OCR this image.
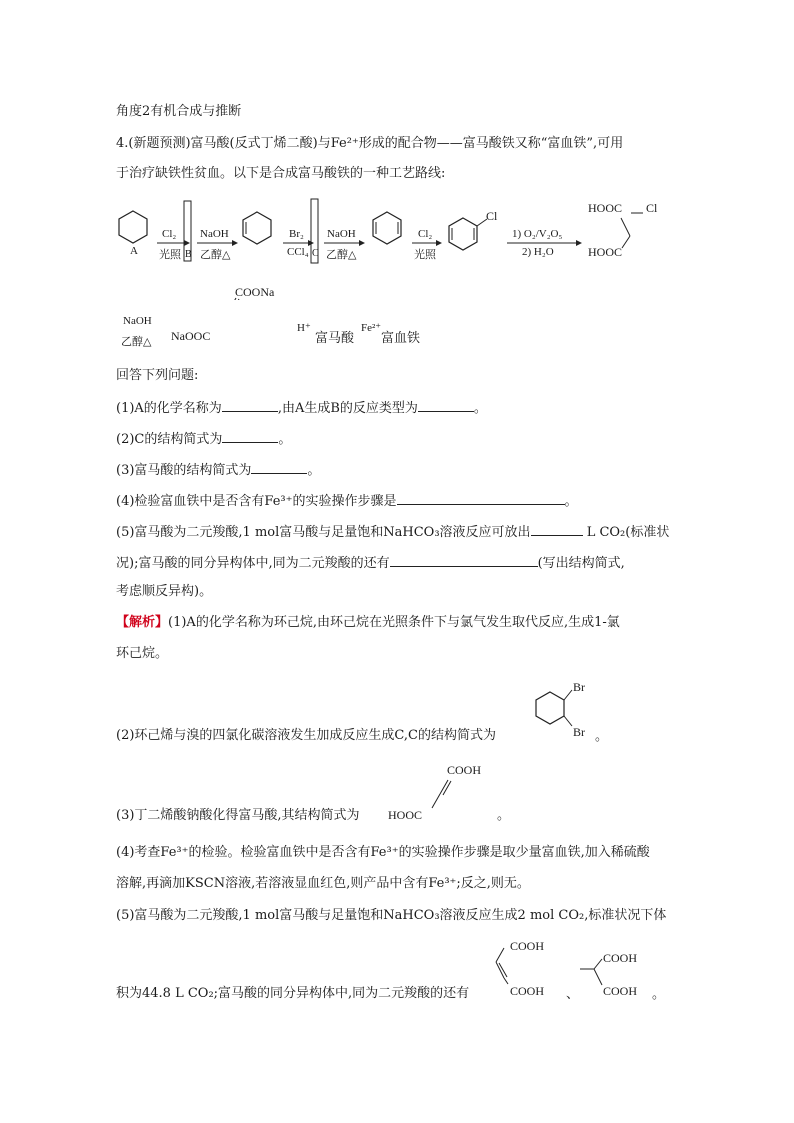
角度2有机合成与推断
4.(新题预测)富马酸(反式丁烯二酸)与Fe²⁺形成的配合物——富马酸铁又称“富血铁”,可用
于治疗缺铁性贫血。以下是合成富马酸铁的一种工艺路线:
A	B	C
Cl₂
光照
NaOH
乙醇△
Br₂
CCl₄
NaOH
乙醇△
Cl₂
光照
Cl
1) O₂/V₂O₅
2) H₂O
HOOC Cl
HOOC
NaOH
乙醇△
COONa
NaOOC
H⁺
富马酸
Fe²⁺
富血铁
回答下列问题:
(1)A的化学名称为	,由A生成B的反应类型为	。
(2)C的结构简式为	。
(3)富马酸的结构简式为	。
(4)检验富血铁中是否含有Fe³⁺的实验操作步骤是	。
(5)富马酸为二元羧酸,1 mol富马酸与足量饱和NaHCO₃溶液反应可放出	L CO₂(标准状
况);富马酸的同分异构体中,同为二元羧酸的还有	(写出结构简式,
考虑顺反异构)。
【解析】(1)A的化学名称为环己烷,由环己烷在光照条件下与氯气发生取代反应,生成1-氯
环己烷。
(2)环己烯与溴的四氯化碳溶液发生加成反应生成C,C的结构简式为
Br
Br 。
(3)丁二烯酸钠酸化得富马酸,其结构简式为
COOH
HOOC	。
(4)考查Fe³⁺的检验。检验富血铁中是否含有Fe³⁺的实验操作步骤是取少量富血铁,加入稀硫酸
溶解,再滴加KSCN溶液,若溶液显血红色,则产品中含有Fe³⁺;反之,则无。
(5)富马酸为二元羧酸,1 mol富马酸与足量饱和NaHCO₃溶液反应生成2 mol CO₂,标准状况下体
积为44.8 L CO₂;富马酸的同分异构体中,同为二元羧酸的还有
COOH
COOH 、
COOH
COOH 。
